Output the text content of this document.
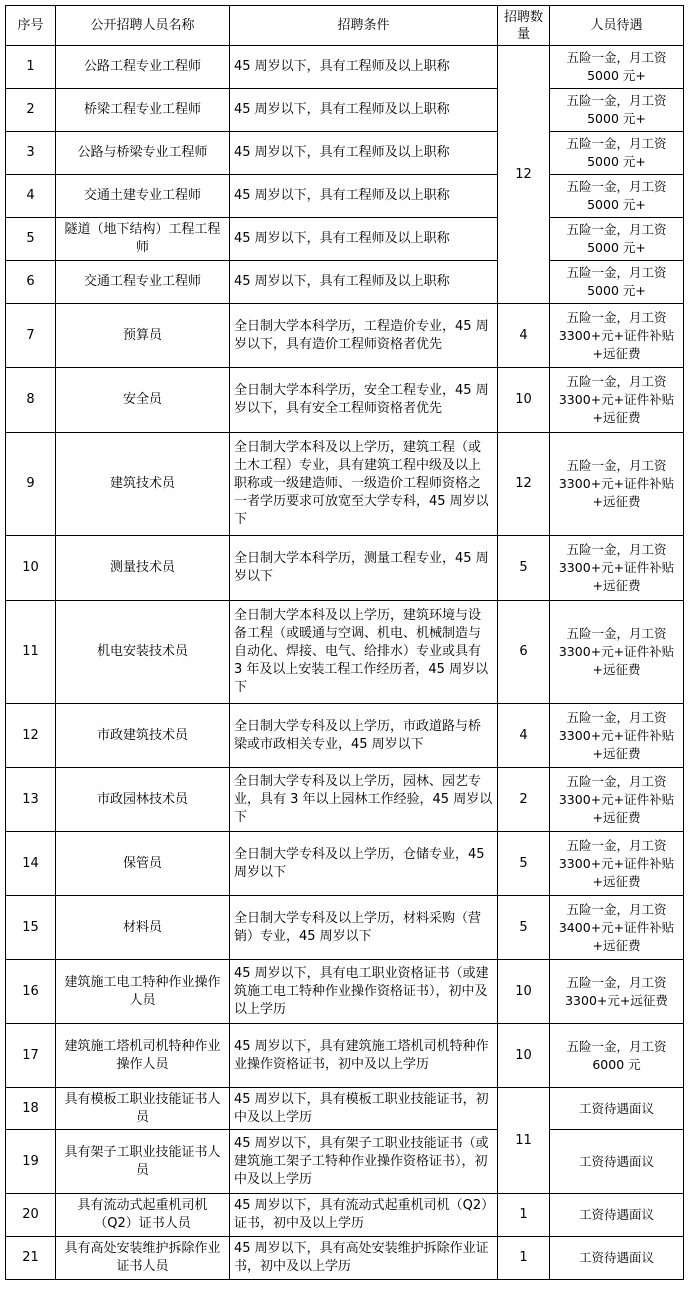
序号	公开招聘人员名称	招聘条件	招聘数量	人员待遇
1	公路工程专业工程师	45 周岁以下，具有工程师及以上职称	12	五险一金，月工资5000 元+
2	桥梁工程专业工程师	45 周岁以下，具有工程师及以上职称		五险一金，月工资5000 元+
3	公路与桥梁专业工程师	45 周岁以下，具有工程师及以上职称		五险一金，月工资5000 元+
4	交通土建专业工程师	45 周岁以下，具有工程师及以上职称		五险一金，月工资5000 元+
5	隧道（地下结构）工程工程师	45 周岁以下，具有工程师及以上职称		五险一金，月工资5000 元+
6	交通工程专业工程师	45 周岁以下，具有工程师及以上职称		五险一金，月工资5000 元+
7	预算员	全日制大学本科学历，工程造价专业，45 周岁以下，具有造价工程师资格者优先	4	五险一金，月工资3300+元+证件补贴+远征费
8	安全员	全日制大学本科学历，安全工程专业，45 周岁以下，具有安全工程师资格者优先	10	五险一金，月工资3300+元+证件补贴+远征费
9	建筑技术员	全日制大学本科及以上学历，建筑工程（或土木工程）专业，具有建筑工程中级及以上职称或一级建造师、一级造价工程师资格之一者学历要求可放宽至大学专科，45 周岁以下	12	五险一金，月工资3300+元+证件补贴+远征费
10	测量技术员	全日制大学本科学历，测量工程专业，45 周岁以下	5	五险一金，月工资3300+元+证件补贴+远征费
11	机电安装技术员	全日制大学本科及以上学历，建筑环境与设备工程（或暖通与空调、机电、机械制造与自动化、焊接、电气、给排水）专业或具有 3 年及以上安装工程工作经历者，45 周岁以下	6	五险一金，月工资3300+元+证件补贴+远征费
12	市政建筑技术员	全日制大学专科及以上学历，市政道路与桥梁或市政相关专业，45 周岁以下	4	五险一金，月工资3300+元+证件补贴+远征费
13	市政园林技术员	全日制大学专科及以上学历，园林、园艺专业，具有 3 年以上园林工作经验，45 周岁以下	2	五险一金，月工资3300+元+证件补贴+远征费
14	保管员	全日制大学专科及以上学历，仓储专业，45 周岁以下	5	五险一金，月工资3300+元+证件补贴+远征费
15	材料员	全日制大学专科及以上学历，材料采购（营销）专业，45 周岁以下	5	五险一金，月工资3400+元+证件补贴+远征费
16	建筑施工电工特种作业操作人员	45 周岁以下，具有电工职业资格证书（或建筑施工电工特种作业操作资格证书），初中及以上学历	10	五险一金，月工资3300+元+远征费
17	建筑施工塔机司机特种作业操作人员	45 周岁以下，具有建筑施工塔机司机特种作业操作资格证书，初中及以上学历	10	五险一金，月工资6000 元
18	具有模板工职业技能证书人员	45 周岁以下，具有模板工职业技能证书，初中及以上学历	11	工资待遇面议
19	具有架子工职业技能证书人员	45 周岁以下，具有架子工职业技能证书（或建筑施工架子工特种作业操作资格证书），初中及以上学历		工资待遇面议
20	具有流动式起重机司机（Q2）证书人员	45 周岁以下，具有流动式起重机司机（Q2）证书，初中及以上学历	1	工资待遇面议
21	具有高处安装维护拆除作业证书人员	45 周岁以下，具有高处安装维护拆除作业证书，初中及以上学历	1	工资待遇面议
